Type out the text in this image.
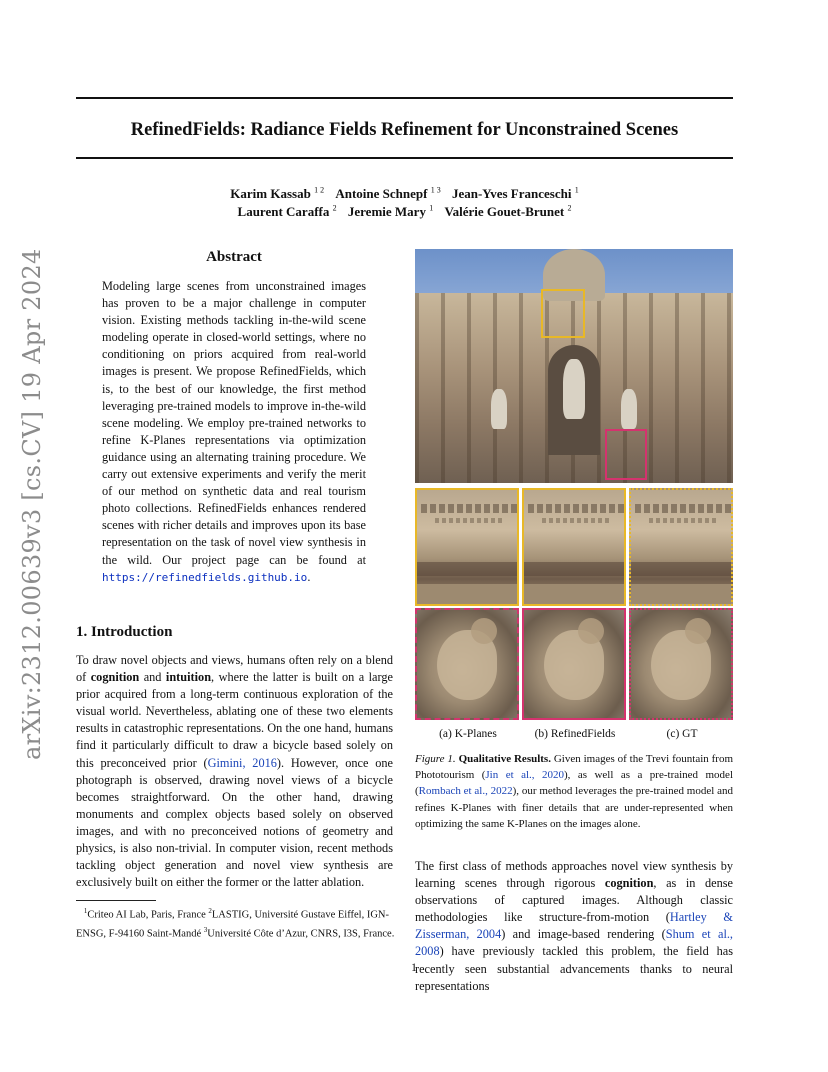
RefinedFields: Radiance Fields Refinement for Unconstrained Scenes
Karim Kassab $^{1 2}$ Antoine Schnepf $^{1 3}$ Jean-Yves Franceschi $^1$
Laurent Caraffa $^2$ Jeremie Mary $^1$ Valérie Gouet-Brunet $^2$
arXiv:2312.00639v3 [cs.CV] 19 Apr 2024	Abstract
Modeling large scenes from unconstrained images has proven to be a major challenge in computer vision. Existing methods tackling in-the-wild scene modeling operate in closed-world settings, where no conditioning on priors acquired from real-world images is present. We propose RefinedFields, which is, to the best of our knowledge, the first method leveraging pre-trained models to improve in-the-wild scene modeling. We employ pre-trained networks to refine K-Planes representations via optimization guidance using an alternating training procedure. We carry out extensive experiments and verify the merit of our method on synthetic data and real tourism photo collections. RefinedFields enhances rendered scenes with richer details and improves upon its base representation on the task of novel view synthesis in the wild. Our project page can be found at https://refinedfields.github.io.
1. Introduction
To draw novel objects and views, humans often rely on a blend of cognition and intuition, where the latter is built on a large prior acquired from a long-term continuous exploration of the visual world. Nevertheless, ablating one of these two elements results in catastrophic representations. On the one hand, humans find it particularly difficult to draw a bicycle based solely on this preconceived prior (Gimini, 2016). However, once one photograph is observed, drawing novel views of a bicycle becomes straightforward. On the other hand, drawing monuments and complex objects based solely on observed images, and with no preconceived notions of geometry and physics, is also non-trivial. In computer vision, recent methods tackling object generation and novel view synthesis are exclusively built on either the former or the latter ablation.
$^1$Criteo AI Lab, Paris, France $^2$LASTIG, Université Gustave Eiffel, IGN-ENSG, F-94160 Saint-Mandé $^3$Université Côte d’Azur, CNRS, I3S, France.
(a) K-Planes	(b) RefinedFields	(c) GT
Figure 1. Qualitative Results. Given images of the Trevi fountain from Phototourism (Jin et al., 2020), as well as a pre-trained model (Rombach et al., 2022), our method leverages the pre-trained model and refines K-Planes with finer details that are under-represented when optimizing the same K-Planes on the images alone.
The first class of methods approaches novel view synthesis by learning scenes through rigorous cognition, as in dense observations of captured images. Although classic methodologies like structure-from-motion (Hartley & Zisserman, 2004) and image-based rendering (Shum et al., 2008) have previously tackled this problem, the field has recently seen substantial advancements thanks to neural representations
1
